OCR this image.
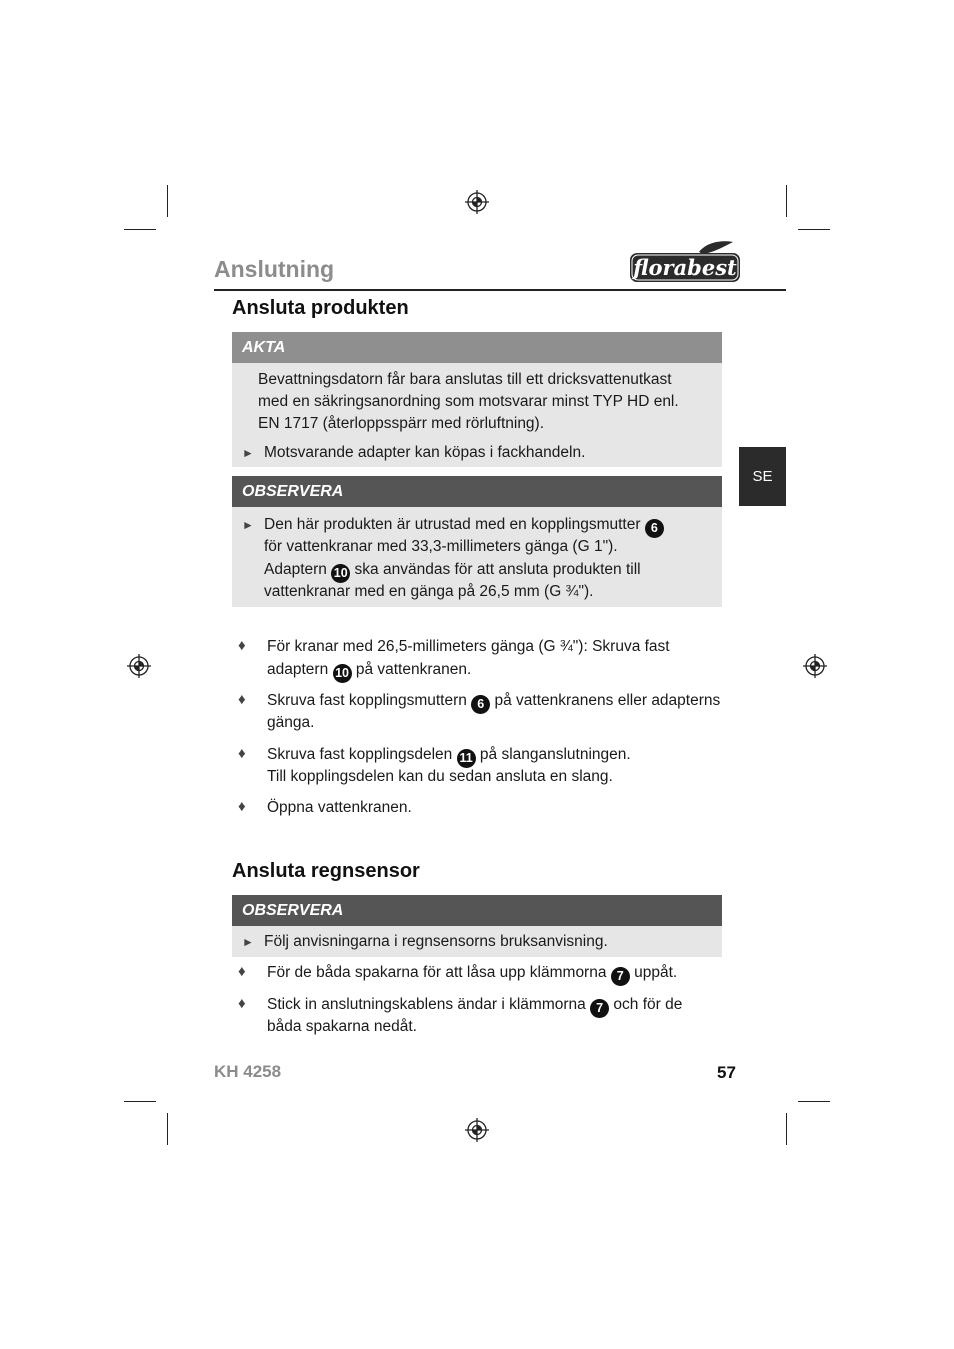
Anslutning	florabest
SE
Ansluta produkten
AKTA
Bevattningsdatorn får bara anslutas till ett dricksvattenutkast
med en säkringsanordning som motsvarar minst TYP HD enl.
EN 1717 (återloppsspärr med rörluftning).
► Motsvarande adapter kan köpas i fackhandeln.
OBSERVERA
► Den här produkten är utrustad med en kopplingsmutter 6
för vattenkranar med 33,3-millimeters gänga (G 1").
Adaptern 10 ska användas för att ansluta produkten till
vattenkranar med en gänga på 26,5 mm (G ¾").
♦ För kranar med 26,5-millimeters gänga (G ¾"): Skruva fast
adaptern 10 på vattenkranen.
♦ Skruva fast kopplingsmuttern 6 på vattenkranens eller adapterns
gänga.
♦ Skruva fast kopplingsdelen 11 på slanganslutningen.
Till kopplingsdelen kan du sedan ansluta en slang.
♦ Öppna vattenkranen.
Ansluta regnsensor
OBSERVERA
► Följ anvisningarna i regnsensorns bruksanvisning.
♦ För de båda spakarna för att låsa upp klämmorna 7 uppåt.
♦ Stick in anslutningskablens ändar i klämmorna 7 och för de
båda spakarna nedåt.
KH 4258	57
